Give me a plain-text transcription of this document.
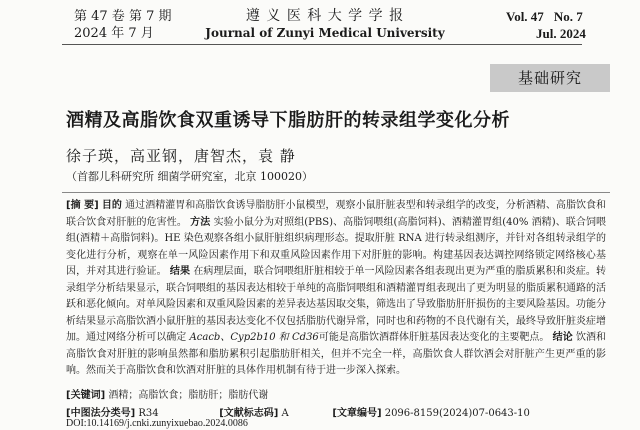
第 47 卷 第 7 期
2024 年 7 月
遵 义 医 科 大 学 学 报
Journal of Zunyi Medical University
Vol. 47 No. 7
Jul. 2024
基础研究
酒精及高脂饮食双重诱导下脂肪肝的转录组学变化分析
徐子瑛，高亚钢，唐智杰，袁 静
（首都儿科研究所 细菌学研究室，北京 100020）
[摘 要] 目的 通过酒精灌胃和高脂饮食诱导脂肪肝小鼠模型，观察小鼠肝脏表型和转录组学的改变，分析酒精、高脂饮食和联合饮食对肝脏的危害性。 方法 实验小鼠分为对照组(PBS)、高脂饲喂组(高脂饲料)、酒精灌胃组(40% 酒精)、联合饲喂组(酒精＋高脂饲料)。HE 染色观察各组小鼠肝脏组织病理形态。提取肝脏 RNA 进行转录组测序，并针对各组转录组学的变化进行分析，观察在单一风险因素作用下和双重风险因素作用下对肝脏的影响。构建基因表达调控网络锁定网络核心基因，并对其进行验证。 结果 在病理层面，联合饲喂组肝脏相较于单一风险因素各组表现出更为严重的脂质累积和炎症。转录组学分析结果显示，联合饲喂组的基因表达相较于单纯的高脂饲喂组和酒精灌胃组表现出了更为明显的脂质累积通路的活跃和恶化倾向。对单风险因素和双重风险因素的差异表达基因取交集，筛选出了导致脂肪肝肝损伤的主要风险基因。功能分析结果显示高脂饮酒小鼠肝脏的基因表达变化不仅包括脂肪代谢异常，同时也和药物的不良代谢有关，最终导致肝脏炎症增加。通过网络分析可以确定 Acacb、Cyp2b10 和 Cd36可能是高脂饮酒群体肝脏基因表达变化的主要靶点。 结论 饮酒和高脂饮食对肝脏的影响虽然都和脂肪累积引起脂肪肝相关，但并不完全一样，高脂饮食人群饮酒会对肝脏产生更严重的影响。然而关于高脂饮食和饮酒对肝脏的具体作用机制有待于进一步深入探索。
[关键词] 酒精；高脂饮食；脂肪肝；脂肪代谢
[中图法分类号] R34	[文献标志码] A	[文章编号] 2096-8159(2024)07-0643-10
DOI:10.14169/j.cnki.zunyixuebao.2024.0086
